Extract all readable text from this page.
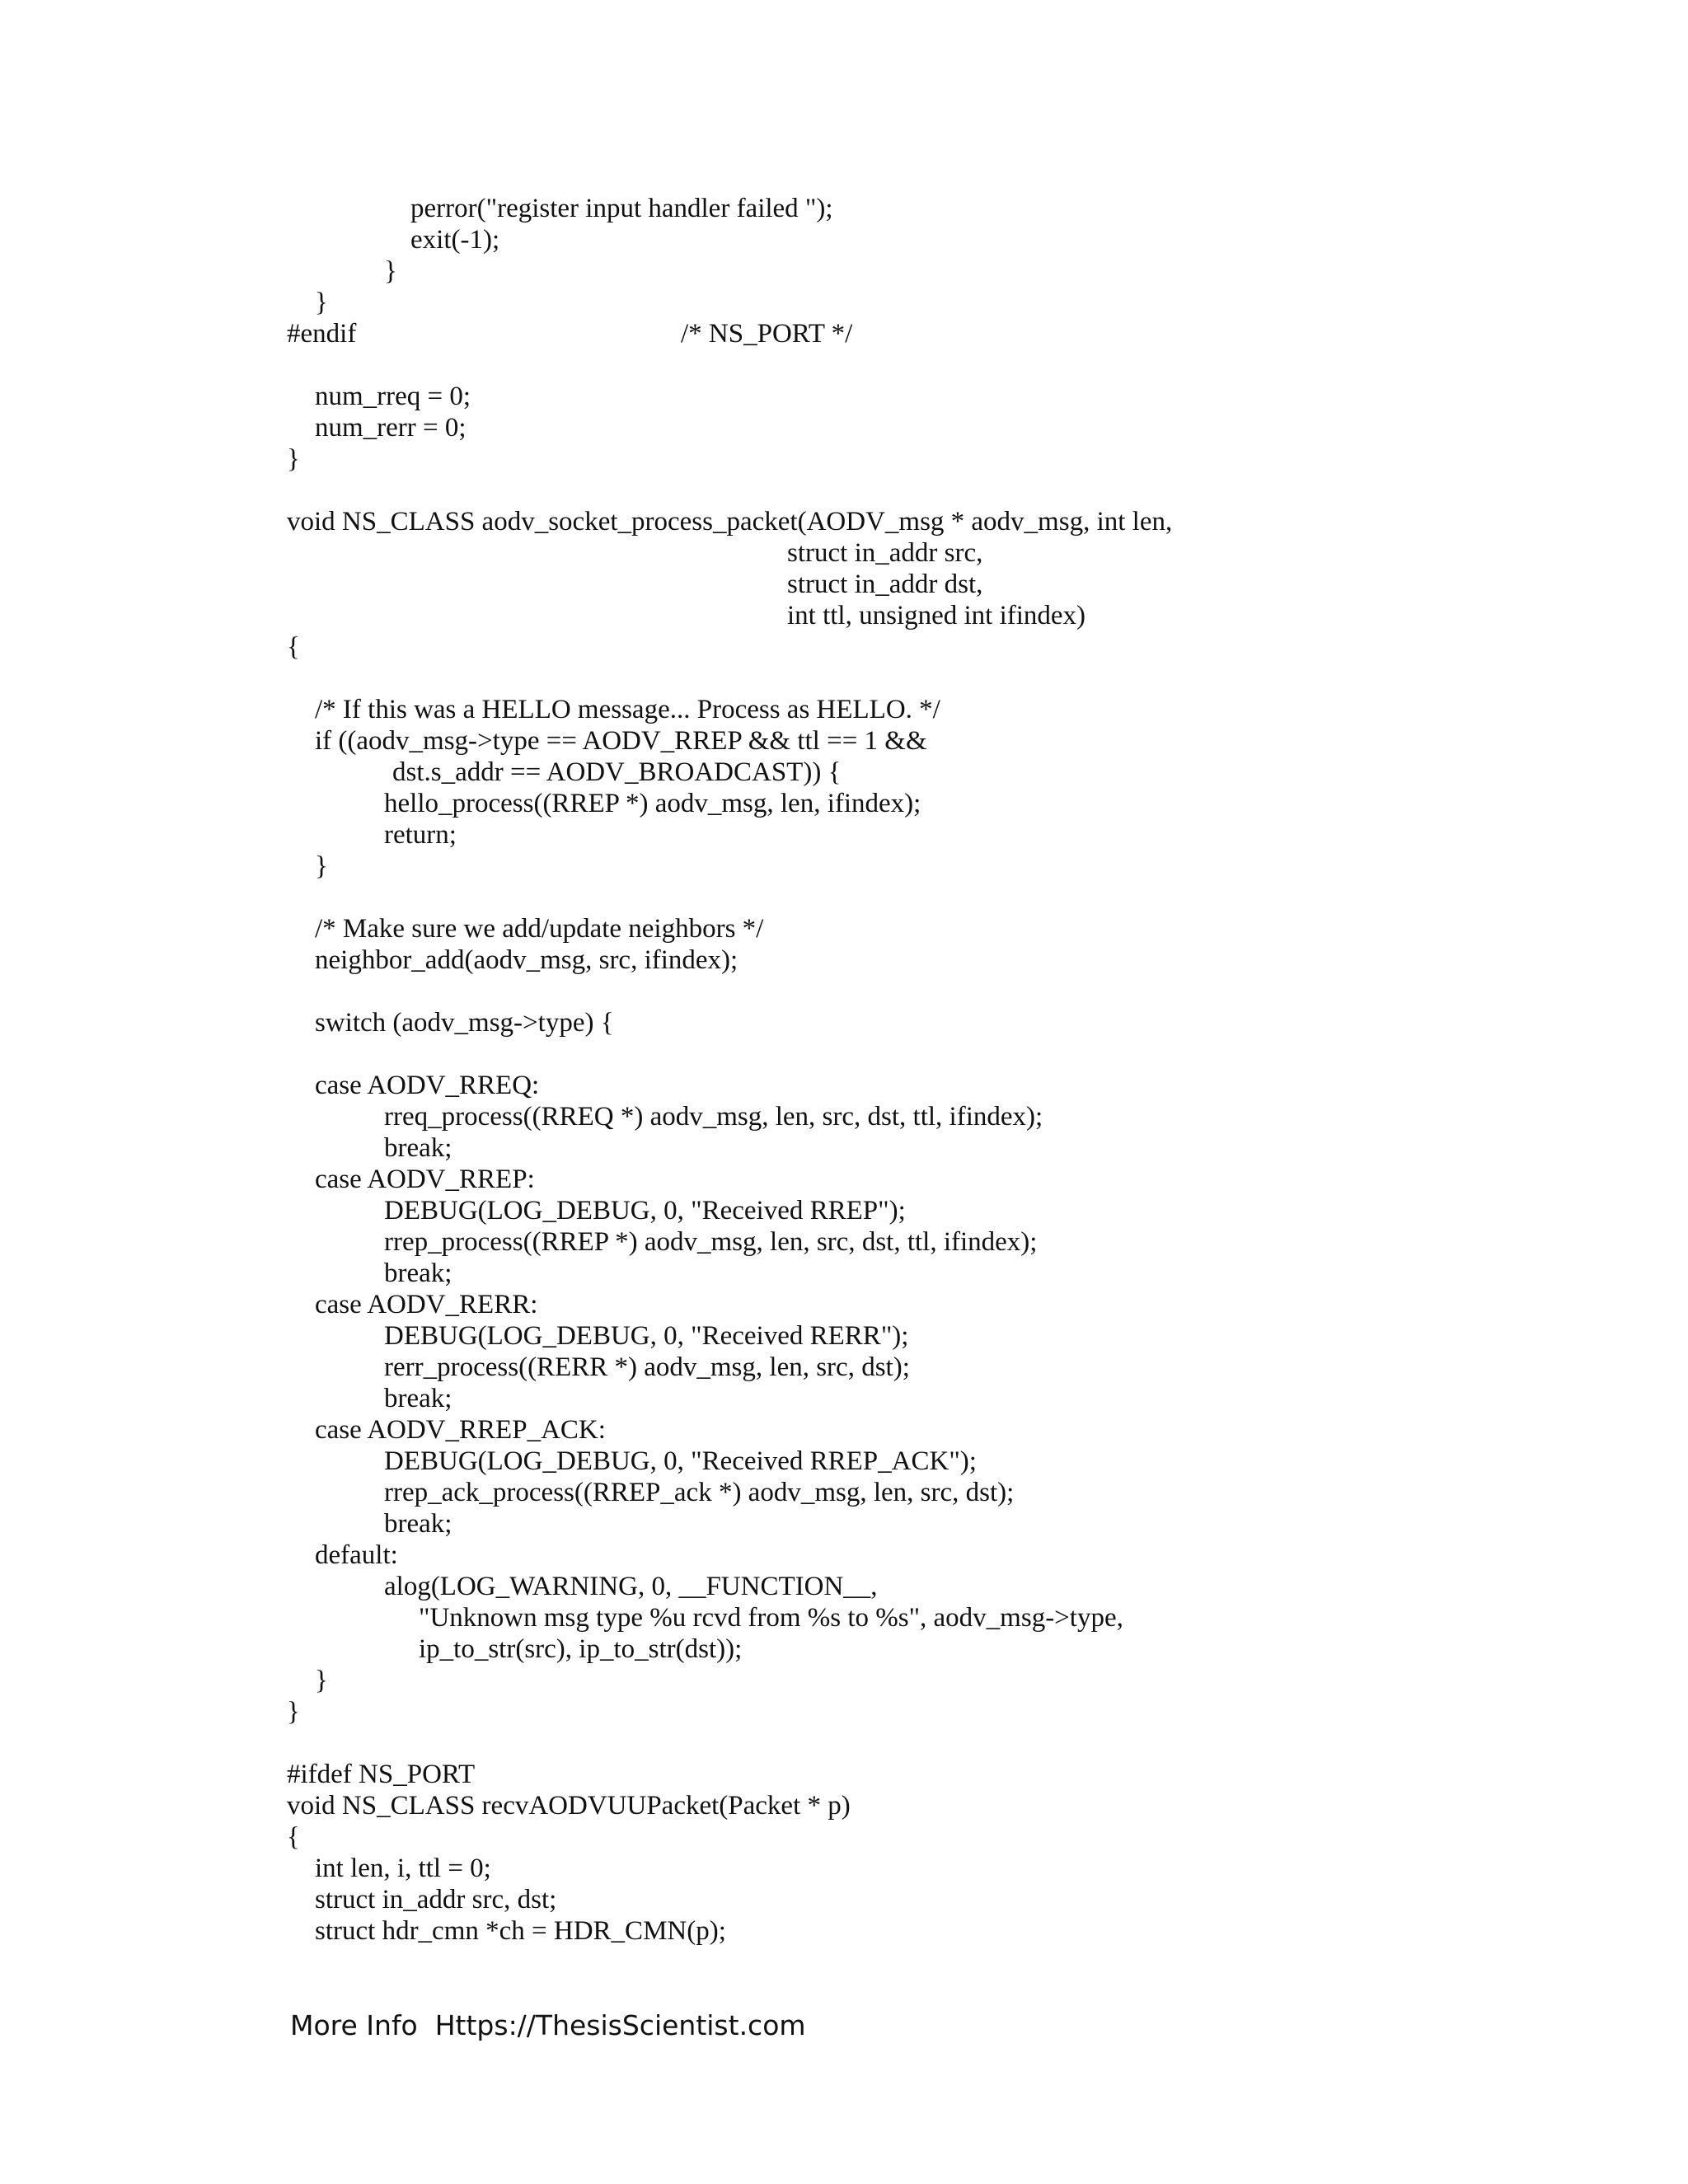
perror("register input handler failed ");
exit(-1);
}
}
#endif	/* NS_PORT */
num_rreq = 0;
num_rerr = 0;
}
void NS_CLASS aodv_socket_process_packet(AODV_msg * aodv_msg, int len,
struct in_addr src,
struct in_addr dst,
int ttl, unsigned int ifindex)
{
/* If this was a HELLO message... Process as HELLO. */
if ((aodv_msg->type == AODV_RREP && ttl == 1 &&
dst.s_addr == AODV_BROADCAST)) {
hello_process((RREP *) aodv_msg, len, ifindex);
return;
}
/* Make sure we add/update neighbors */
neighbor_add(aodv_msg, src, ifindex);
switch (aodv_msg->type) {
case AODV_RREQ:
rreq_process((RREQ *) aodv_msg, len, src, dst, ttl, ifindex);
break;
case AODV_RREP:
DEBUG(LOG_DEBUG, 0, "Received RREP");
rrep_process((RREP *) aodv_msg, len, src, dst, ttl, ifindex);
break;
case AODV_RERR:
DEBUG(LOG_DEBUG, 0, "Received RERR");
rerr_process((RERR *) aodv_msg, len, src, dst);
break;
case AODV_RREP_ACK:
DEBUG(LOG_DEBUG, 0, "Received RREP_ACK");
rrep_ack_process((RREP_ack *) aodv_msg, len, src, dst);
break;
default:
alog(LOG_WARNING, 0, __FUNCTION__,
"Unknown msg type %u rcvd from %s to %s", aodv_msg->type,
ip_to_str(src), ip_to_str(dst));
}
}
#ifdef NS_PORT
void NS_CLASS recvAODVUUPacket(Packet * p)
{
int len, i, ttl = 0;
struct in_addr src, dst;
struct hdr_cmn *ch = HDR_CMN(p);
More Info  Https://ThesisScientist.com
